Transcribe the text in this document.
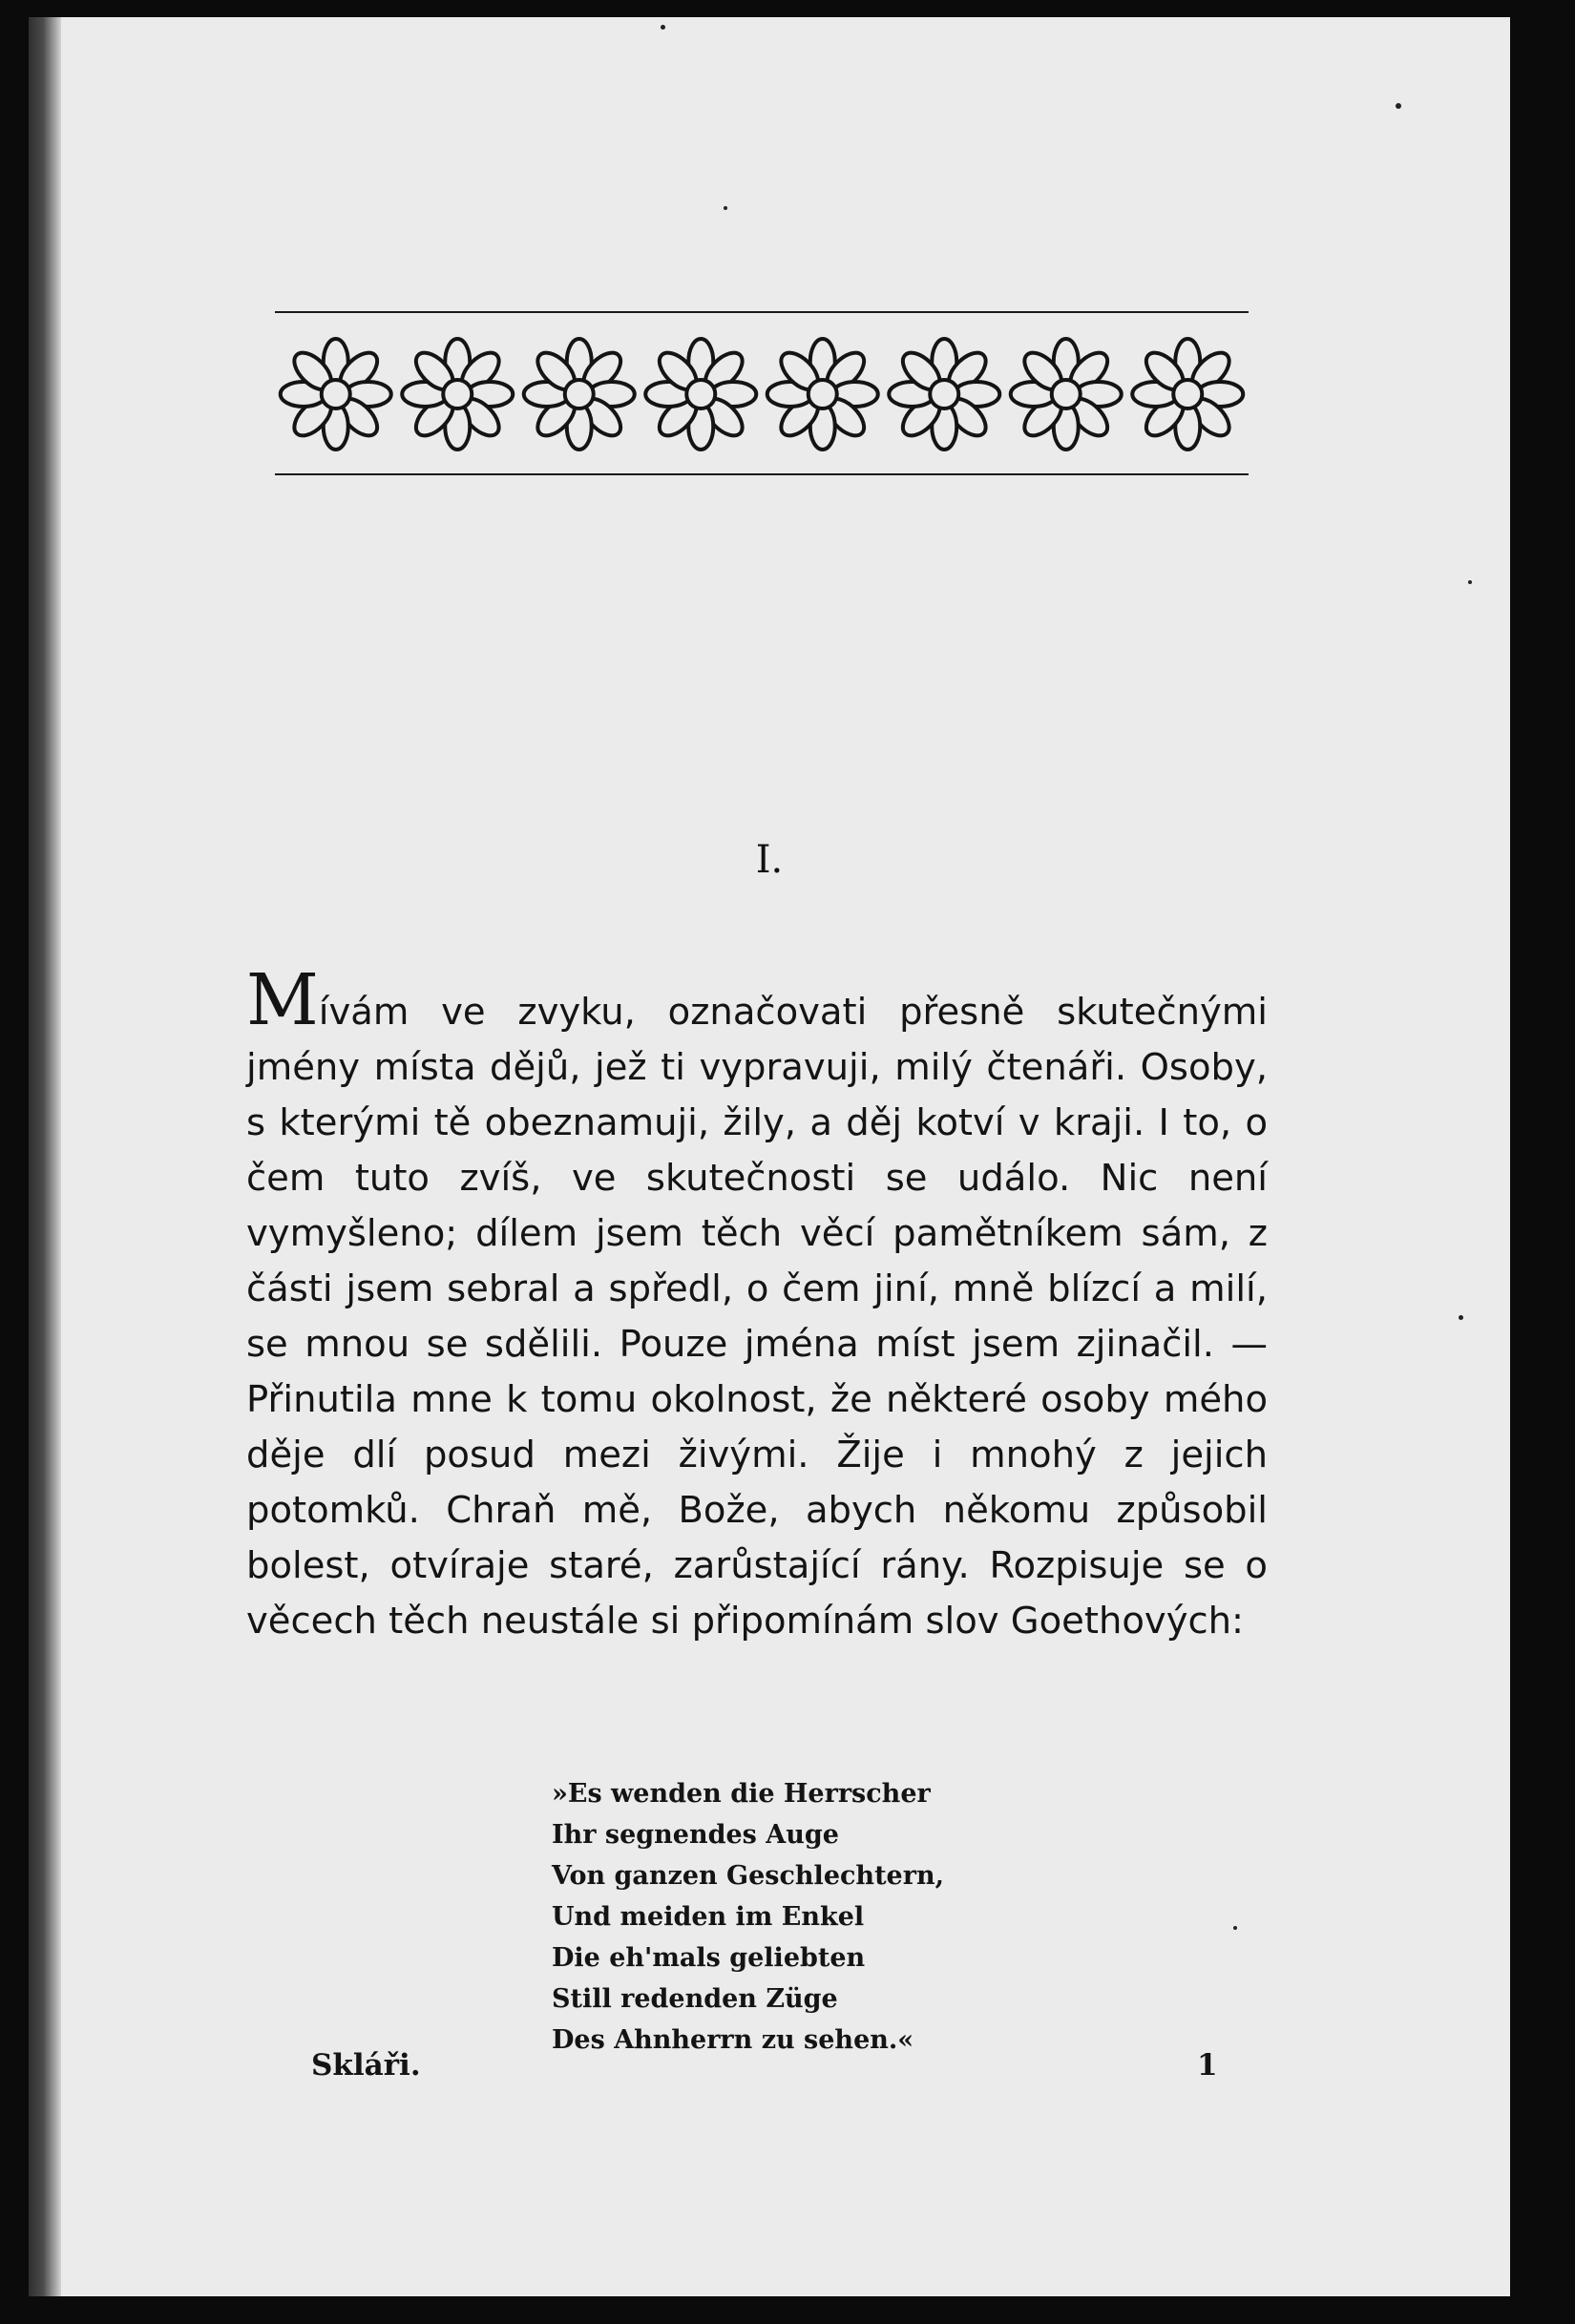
I.
Mívám ve zvyku, označovati přesně skutečnými jmény místa dějů, jež ti vypravuji, milý čtenáři. Osoby, s kterými tě obeznamuji, žily, a děj kotví v kraji. I to, o čem tuto zvíš, ve skutečnosti se událo. Nic není vymyšleno; dílem jsem těch věcí pamětníkem sám, z části jsem sebral a spředl, o čem jiní, mně blízcí a milí, se mnou se sdělili. Pouze jména míst jsem zjinačil. — Přinutila mne k tomu okolnost, že některé osoby mého děje dlí posud mezi živými. Žije i mnohý z jejich potomků. Chraň mě, Bože, abych někomu způsobil bolest, otvíraje staré, zarůstající rány. Rozpisuje se o věcech těch neustále si připomínám slov Goethových:
»Es wenden die Herrscher
Ihr segnendes Auge
Von ganzen Geschlechtern,
Und meiden im Enkel
Die eh'mals geliebten
Still redenden Züge
Des Ahnherrn zu sehen.«
Skláři.	1
